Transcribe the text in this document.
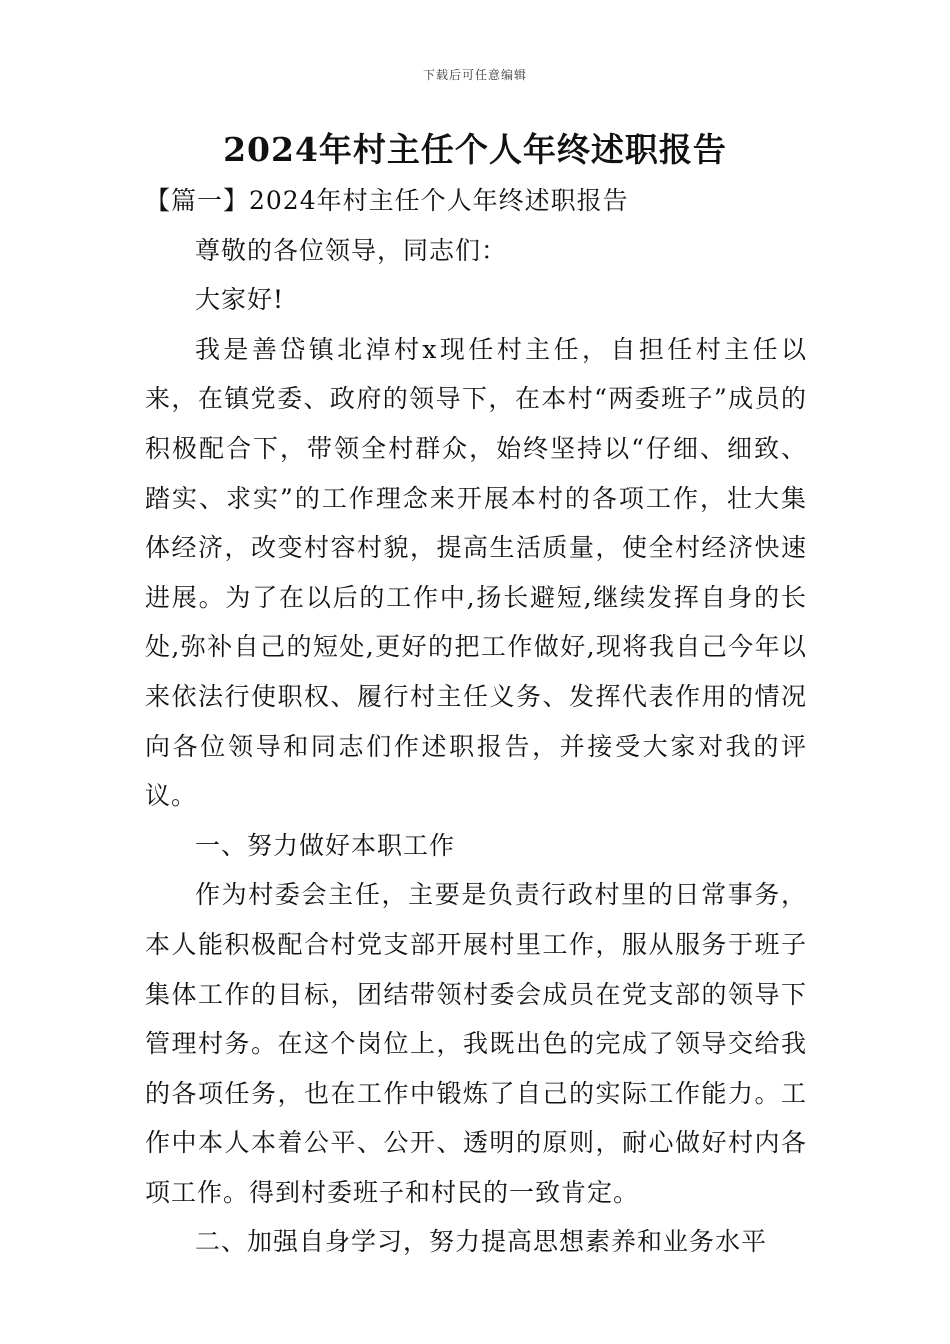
下载后可任意编辑
2024年村主任个人年终述职报告

【篇一】2024年村主任个人年终述职报告

尊敬的各位领导，同志们：

大家好!

我是善岱镇北淖村x现任村主任，自担任村主任以来，在镇党委、政府的领导下，在本村“两委班子”成员的积极配合下，带领全村群众，始终坚持以“仔细、细致、踏实、求实”的工作理念来开展本村的各项工作，壮大集体经济，改变村容村貌，提高生活质量，使全村经济快速进展。为了在以后的工作中,扬长避短,继续发挥自身的长处,弥补自己的短处,更好的把工作做好,现将我自己今年以来依法行使职权、履行村主任义务、发挥代表作用的情况向各位领导和同志们作述职报告，并接受大家对我的评议。

一、努力做好本职工作

作为村委会主任，主要是负责行政村里的日常事务，本人能积极配合村党支部开展村里工作，服从服务于班子集体工作的目标，团结带领村委会成员在党支部的领导下管理村务。在这个岗位上，我既出色的完成了领导交给我的各项任务，也在工作中锻炼了自己的实际工作能力。工作中本人本着公平、公开、透明的原则，耐心做好村内各项工作。得到村委班子和村民的一致肯定。

二、加强自身学习，努力提高思想素养和业务水平
